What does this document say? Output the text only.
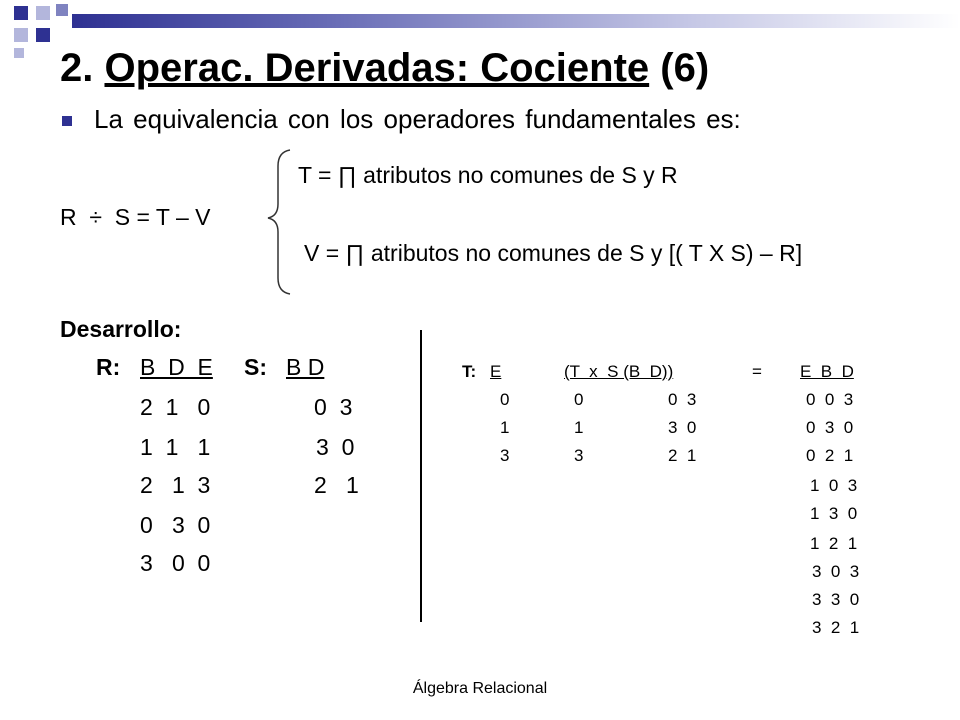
2. Operac. Derivadas: Cociente (6)
La equivalencia con los operadores fundamentales es:
T = ∏ atributos no comunes de S y R
R  ÷  S = T – V
V = ∏ atributos no comunes de S y [( T X S) – R]
Desarrollo:
R: B  D  E
2  1   0
1  1   1
2   1  3
0   3  0
3   0  0
S: B D
0  3
3  0
2   1
T: E	(T  x  S (B  D))	= E  B  D
0
1
3
0
1
3
0  3
3  0
2  1
0  0  3
0  3  0
0  2  1
1  0  3
1  3  0
1  2  1
3  0  3
3  3  0
3  2  1
Álgebra Relacional
